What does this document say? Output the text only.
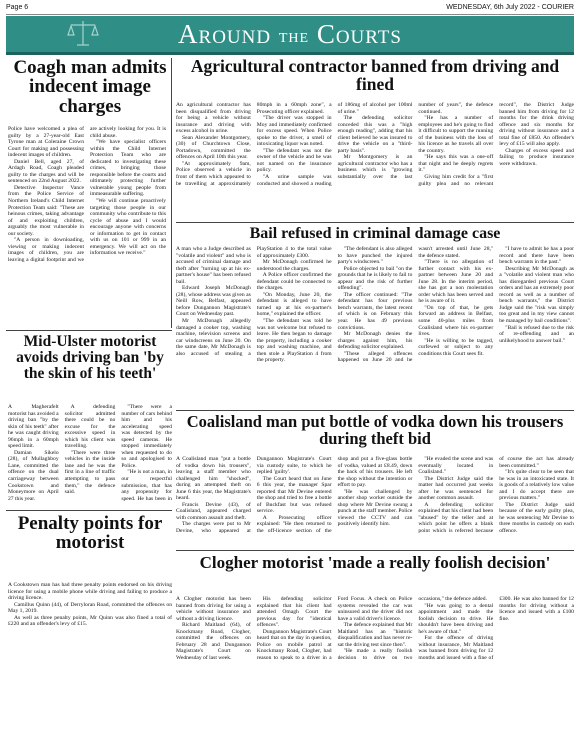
Page 6	WEDNESDAY, 6th July 2022 - COURIER
Around the Courts
Coagh man admits indecent image charges

Police have welcomed a plea of guilty by a 27-year-old East Tyrone man at Coleraine Crown Court for making and possessing indecent images of children.

Daniel Bell, aged 27, of Ardagh Road, Coagh pleaded guilty to the charges and will be sentenced on 22nd August 2022.

Detective Inspector Vance from the Police Service of Northern Ireland's Child Internet Protection Team said: "These are heinous crimes, taking advantage of and exploiting children, arguably the most vulnerable in our society.

"A person in downloading, viewing or making indecent images of children, you are leaving a digital footprint and we are actively looking for you. It is child abuse.

"We have specialist officers within the Child Internet Protection Team who are dedicated to investigating these crimes, bringing those responsible before the courts and ultimately protecting further vulnerable young people from immeasurable suffering.

"We will continue proactively targeting those people in our community who contribute to this cycle of abuse and I would encourage anyone with concerns or information to get in contact with us on 101 or 999 in an emergency. We will act on the information we receive."

Agricultural contractor banned from driving and fined

An agricultural contractor has been disqualified from driving for being a vehicle without insurance and driving with excess alcohol in urine.

Sean Alexander Montgomery, (30) of Churchtown Close, Portadown, committed the offences on April 10th this year.

"At approximately 9am, Police observed a vehicle in front of them which appeared to be travelling at approximately 80mph in a 60mph zone", a Prosecuting officer explained.

"The driver was stopped in Moy and immediately confirmed for excess speed. When Police spoke to the driver, a smell of intoxicating liquor was noted.

"The defendant was not the owner of the vehicle and he was not named on the insurance policy.

"A urine sample was conducted and showed a reading of 186mg of alcohol per 100ml of urine."

The defending solicitor conceded this was a "high enough reading", adding that his client believed he was insured to drive the vehicle on a "third-party basis".

Mr Montgomery is an agricultural contractor who has a business which is "growing substantially over the last number of years", the defence continued.

"He has a number of employees and he's going to find it difficult to support the running of the business with the loss of his licence as he travels all over the country.

"He says this was a one-off that night and he deeply regrets it."

Giving him credit for a "first guilty plea and no relevant record", the District Judge banned him from driving for 12 months for the drink driving offence and six months for driving without insurance and a total fine of £850. An offender's levy of £15 will also apply.

Charges of excess speed and failing to produce insurance were withdrawn.

Bail refused in criminal damage case

A man who a Judge described as "volatile and violent" and who is accused of criminal damage and theft after "turning up at his ex-partner's house" has been refused bail.

Edward Joseph McDonagh (28), whose address was given as Neill Row, Belfast, appeared before Dungannon Magistrate's Court on Wednesday past.

Mr McDonagh allegedly damaged a cooker top, washing machine, television screens and car windscreens on June 20. On the same date, Mr McDonagh is also accused of stealing a PlayStation 4 to the total value of approximately £300.

Mr McDonagh confirmed he understood the charges.

A Police officer confirmed the defendant could be connected to the charges.

"On Monday, June 20, the defendant is alleged to have turned up at his ex-partner's home," explained the officer.

"The defendant was told he was not welcome but refused to leave. He then began to damage the property, including a cooker top and washing machine, and then stole a PlayStation 4 from the property.

"The defendant is also alleged to have punched the injured party's windscreen."

Police objected to bail "on the grounds that he is likely to fail to appear and the risk of further offending".

The officer continued: "The defendant has four previous bench warrants, the latest recent of which is on February this year. He has 49 previous convictions.

Mr McDonagh denies the charges against him, his defending solicitor explained.

"These alleged offences happened on June 20 and he wasn't arrested until June 28," the defence stated.

"There is no allegation of further contact with his ex-partner between June 20 and June 28. In the interim period, she has got a non molestation order which has been served and he is aware of it.

"On top of that, he gets forward an address in Belfast, some 40-plus miles from Coalisland where his ex-partner lives.

"He is willing to be tagged, curfewed or subject to any conditions this Court sees fit.

"I have to admit he has a poor record and there have been bench warrants in the past."

Describing Mr McDonagh as a "volatile and violent man who has disregarded previous Court orders and has an extremely poor record as well as a number of bench warrants," the District Judge said the "risk was simply too great and in my view cannot be managed by bail conditions".

"Bail is refused due to the risk of re-offending and an unlikelyhood to answer bail."

Mid-Ulster motorist avoids driving ban 'by the skin of his teeth'

A Magherafelt motorist has avoided a driving ban "by the skin of his teeth" after he was caught driving 96mph in a 60mph speed limit.

Damian Sikelo (28), of Mullaghboy Lane, committed the offence on the dual carriageway between Cookstown and Moneymore on April 27 this year.

A defending solicitor admitted there could be no excuse for the excessive speed in which his client was travelling.

"There were three vehicles in the inside lane and he was the first in a line of traffic attempting to pass them," the defence said.

"There were a number of cars behind him and his accelerating speed was detected by the speed cameras. He stopped immediately when requested to do so and apologised to Police.

"He is not a man, in our respectful submission, that has any propensity for speed. He has been in

Coalisland man put bottle of vodka down his trousers during theft bid

A Coalisland man "put a bottle of vodka down his trousers", leaving a staff member who challenged him "shocked", during an attempted theft on June 6 this year, the Magistrate's heard.

Francis Devine (43), of Coalisland, appeared charged with common assault and theft.

The charges were put to Mr Devine, who appeared at Dungannon Magistrate's Court via custody suite, to which he replied 'guilty'.

The Court heard that on June 6 this year, the manager Spar reported that Mr Devine entered the shop and tried to free a bottle of Buckfast but was refused service.

A Prosecuting officer explained: "He then returned to the off-licence section of the shop and put a five-glass bottle of vodka, valued at £8.49, down the back of his trousers. He left the shop without the intention or effort to pay.

"He was challenged by another shop worker outside the shop where Mr Devine swung a punch at the staff member. Police viewed the CCTV and can positively identify him.

"He evaded the scene and was eventually located in Coalisland."

The District Judge said the matter had occurred just weeks after he was sentenced for another common assault.

A defending solicitor explained that his client had been "abused" by the teller and at which point he offers a blank point which is referred because of course the act has already been committed."

"It's quite clear to be seen that he was in an intoxicated state. It is goods of a relatively low value and I do accept there are previous matters."

The District Judge said because of the early guilty plea, he was sentencing Mr Devine to three months in custody on each offence.

Penalty points for motorist

A Cookstown man has had three penalty points endorsed on his driving licence for using a mobile phone while driving and failing to produce a driving licence.

Camillus Quinn (44), of Derryloran Road, committed the offences on May 1, 2019.

As well as three penalty points, Mr Quinn was also fined a total of £220 and an offender's levy of £15.

Clogher motorist 'made a really foolish decision'

A Clogher motorist has been banned from driving for using a vehicle without insurance and without a driving licence.

Richard Maitland (64), of Knockmany Road, Clogher, committed the offences on February 28 and Dungannon Magistrate's Court on Wednesday of last week.

His defending solicitor explained that his client had attended Omagh Court the previous day for "identical offences".

Dungannon Magistrate's Court heard that on the day in question, Police on mobile patrol at Knockmany Road, Clogher, had reason to speak to a driver in a Ford Focus. A check on Police systems revealed the car was uninsured and the driver did not have a valid driver's licence.

The defence explained that Mr Maitland has an "historic disqualification and has never re-sat the driving test since then".

"He made a really foolish decision to drive on two occasions," the defence added.

"He was going to a dental appointment and made the foolish decision to drive. He shouldn't have been driving and he's aware of that."

For the offence of driving without insurance, Mr Maitland was banned from driving for 12 months and issued with a fine of £300. He was also banned for 12 months for driving without a licence and issued with a £100 fine.
